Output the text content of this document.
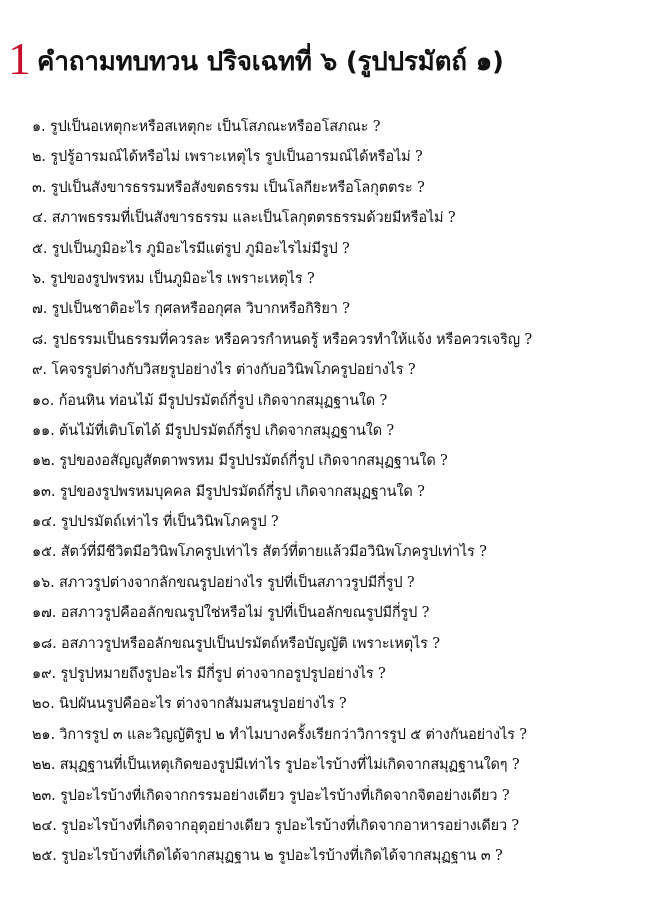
1 คำถามทบทวน ปริจเฉทที่ ๖ (รูปปรมัตถ์ ๑)
๑. รูปเป็นอเหตุกะหรือสเหตุกะ เป็นโสภณะหรืออโสภณะ ?
๒. รูปรู้อารมณ์ได้หรือไม่ เพราะเหตุไร รูปเป็นอารมณ์ได้หรือไม่ ?
๓. รูปเป็นสังขารธรรมหรือสังขตธรรม เป็นโลกียะหรือโลกุตตระ ?
๔. สภาพธรรมที่เป็นสังขารธรรม และเป็นโลกุตตรธรรมด้วยมีหรือไม่ ?
๕. รูปเป็นภูมิอะไร ภูมิอะไรมีแต่รูป ภูมิอะไรไม่มีรูป ?
๖. รูปของรูปพรหม เป็นภูมิอะไร เพราะเหตุไร ?
๗. รูปเป็นชาติอะไร กุศลหรืออกุศล วิบากหรือกิริยา ?
๘. รูปธรรมเป็นธรรมที่ควรละ หรือควรกำหนดรู้ หรือควรทำให้แจ้ง หรือควรเจริญ ?
๙. โคจรรูปต่างกับวิสยรูปอย่างไร ต่างกับอวินิพโภครูปอย่างไร ?
๑๐. ก้อนหิน ท่อนไม้ มีรูปปรมัตถ์กี่รูป เกิดจากสมุฏฐานใด ?
๑๑. ต้นไม้ที่เติบโตได้ มีรูปปรมัตถ์กี่รูป เกิดจากสมุฏฐานใด ?
๑๒. รูปของอสัญญสัตตาพรหม มีรูปปรมัตถ์กี่รูป เกิดจากสมุฏฐานใด ?
๑๓. รูปของรูปพรหมบุคคล มีรูปปรมัตถ์กี่รูป เกิดจากสมุฏฐานใด ?
๑๔. รูปปรมัตถ์เท่าไร ที่เป็นวินิพโภครูป ?
๑๕. สัตว์ที่มีชีวิตมีอวินิพโภครูปเท่าไร สัตว์ที่ตายแล้วมีอวินิพโภครูปเท่าไร ?
๑๖. สภาวรูปต่างจากลักขณรูปอย่างไร รูปที่เป็นสภาวรูปมีกี่รูป ?
๑๗. อสภาวรูปคืออลักขณรูปใช่หรือไม่ รูปที่เป็นอลักขณรูปมีกี่รูป ?
๑๘. อสภาวรูปหรืออลักขณรูปเป็นปรมัตถ์หรือบัญญัติ เพราะเหตุไร ?
๑๙. รูปรูปหมายถึงรูปอะไร มีกี่รูป ต่างจากอรูปรูปอย่างไร ?
๒๐. นิปผันนรูปคืออะไร ต่างจากสัมมสนรูปอย่างไร ?
๒๑. วิการรูป ๓ และวิญญัติรูป ๒ ทำไมบางครั้งเรียกว่าวิการรูป ๕ ต่างกันอย่างไร ?
๒๒. สมุฏฐานที่เป็นเหตุเกิดของรูปมีเท่าไร รูปอะไรบ้างที่ไม่เกิดจากสมุฏฐานใดๆ ?
๒๓. รูปอะไรบ้างที่เกิดจากกรรมอย่างเดียว รูปอะไรบ้างที่เกิดจากจิตอย่างเดียว ?
๒๔. รูปอะไรบ้างที่เกิดจากอุตุอย่างเดียว รูปอะไรบ้างที่เกิดจากอาหารอย่างเดียว ?
๒๕. รูปอะไรบ้างที่เกิดได้จากสมุฏฐาน ๒ รูปอะไรบ้างที่เกิดได้จากสมุฏฐาน ๓ ?
